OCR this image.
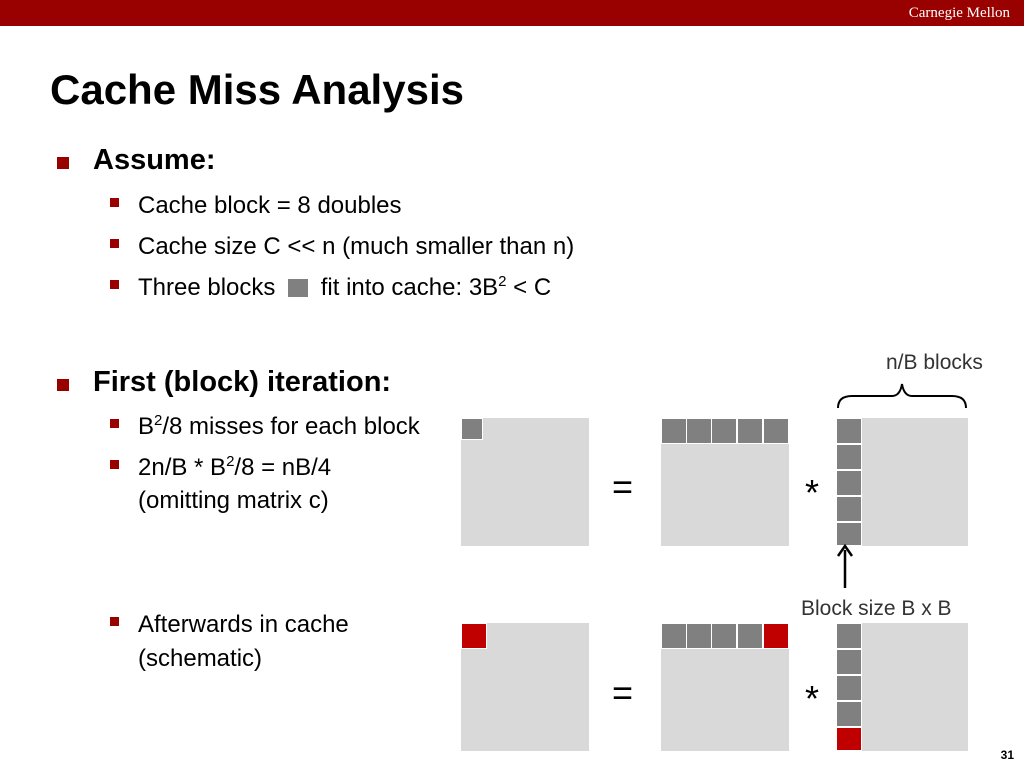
Carnegie Mellon
Cache Miss Analysis
Assume:
Cache block = 8 doubles
Cache size C << n (much smaller than n)
Three blocks fit into cache: $3B^2 < C$
First (block) iteration:
$B^2/8$ misses for each block
$2n/B * B^2/8 = nB/4$
(omitting matrix c)
Afterwards in cache
(schematic)
=	*
n/B blocks
Block size B x B
=	*
31
